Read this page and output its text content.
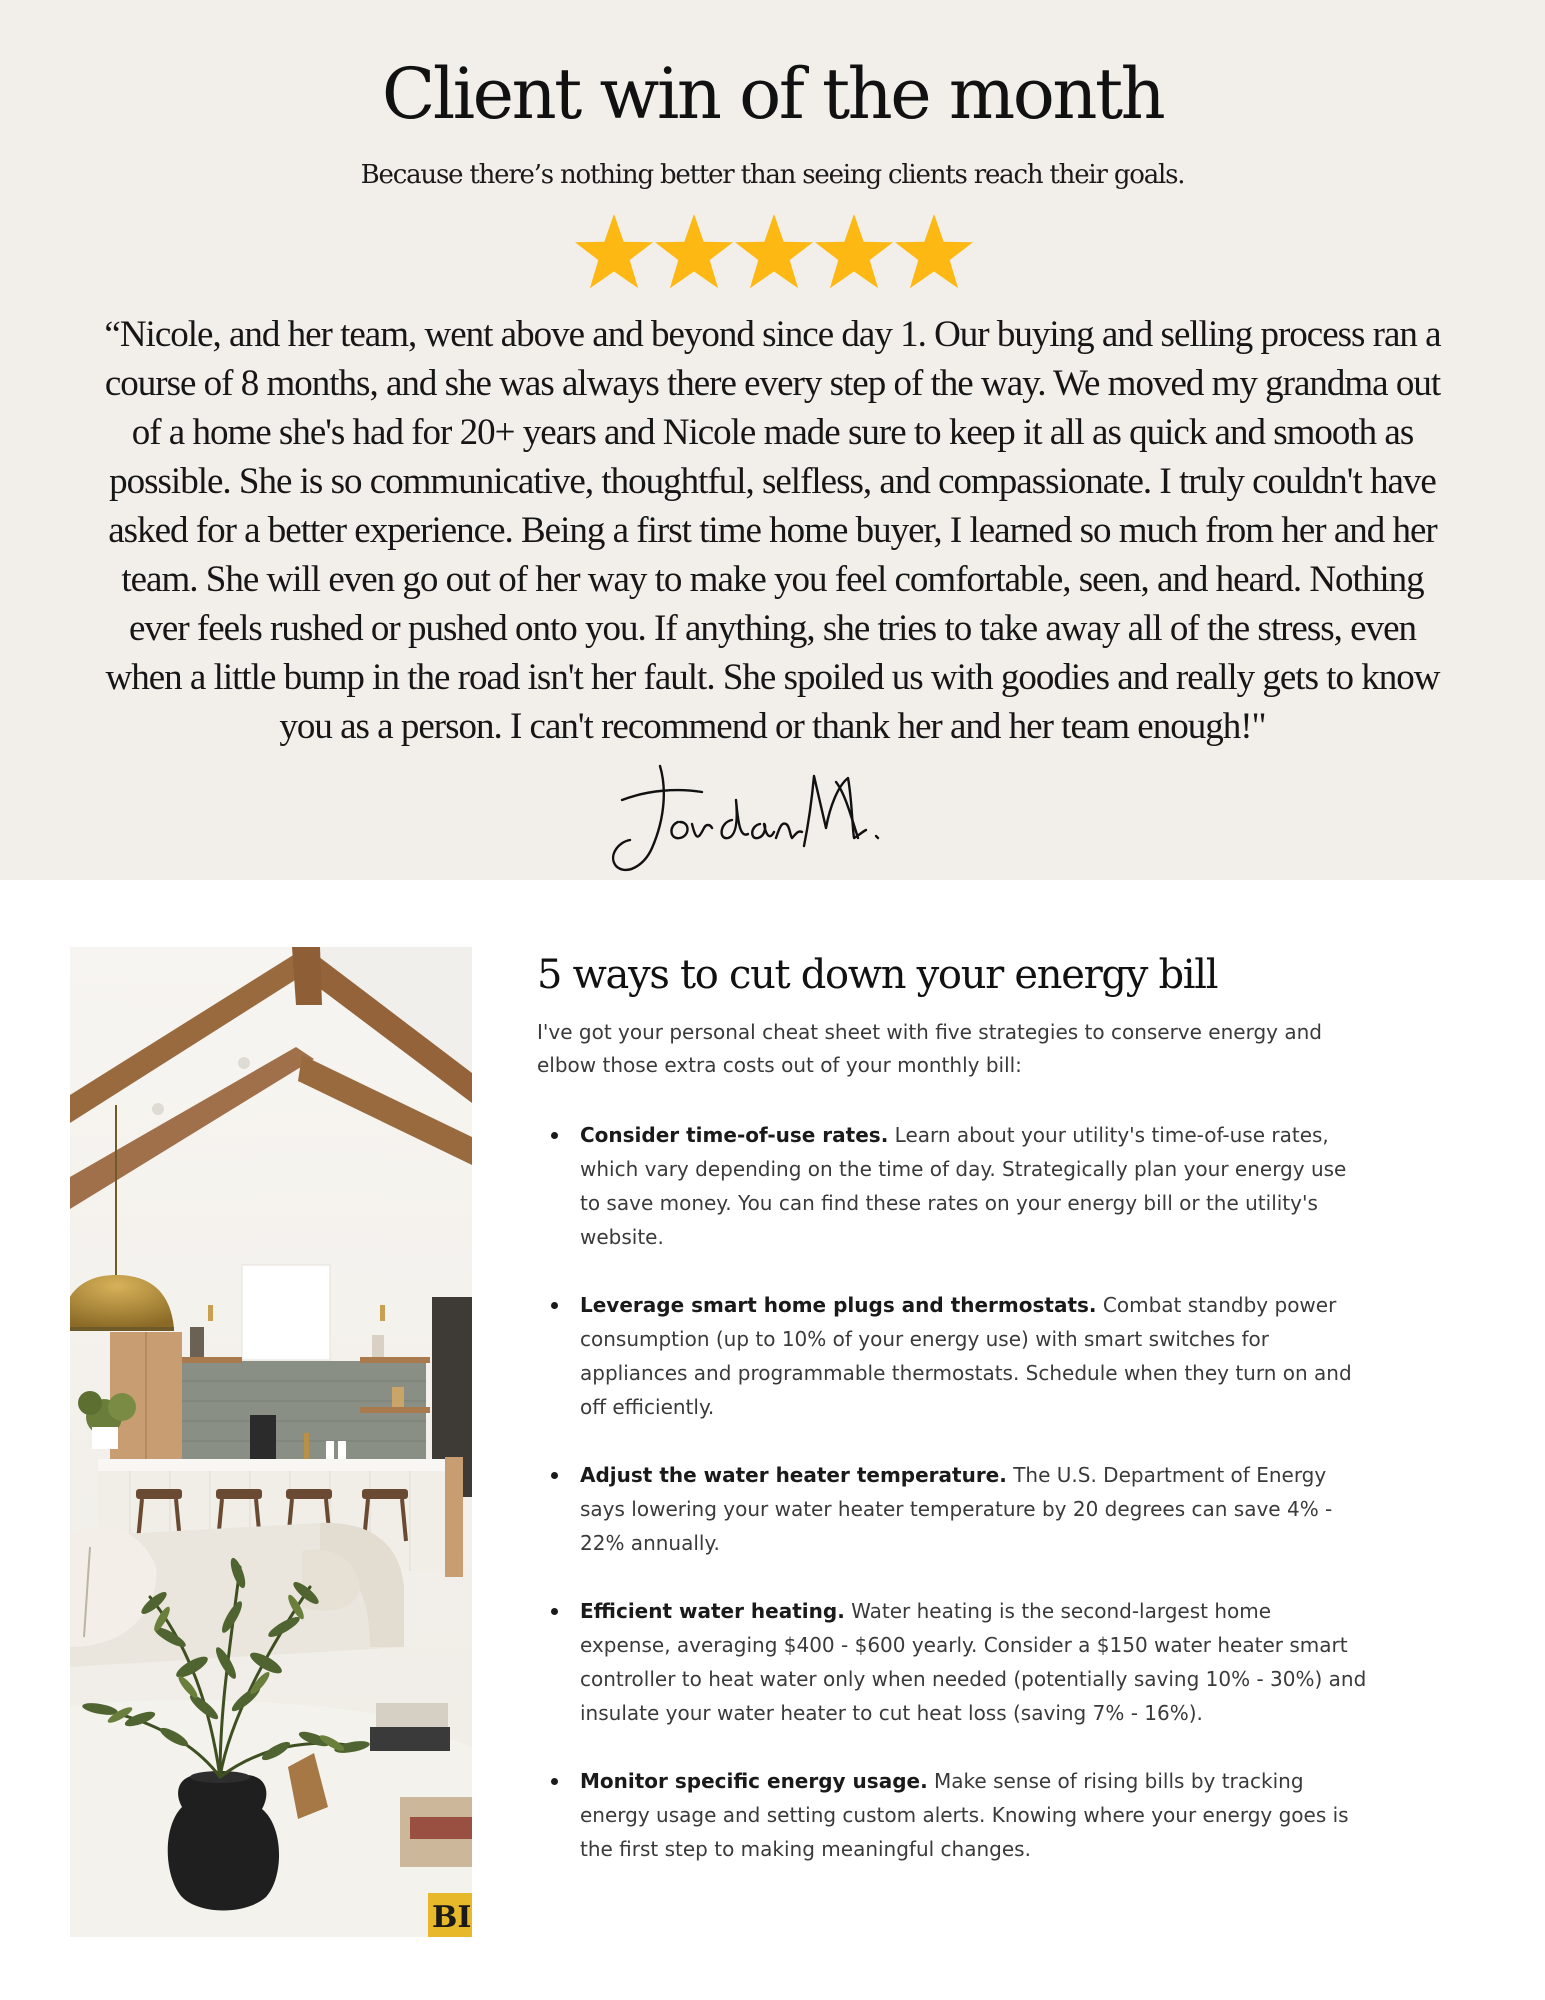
Client win of the month

Because there’s nothing better than seeing clients reach their goals.

“Nicole, and her team, went above and beyond since day 1. Our buying and selling process ran a course of 8 months, and she was always there every step of the way. We moved my grandma out of a home she's had for 20+ years and Nicole made sure to keep it all as quick and smooth as possible. She is so communicative, thoughtful, selfless, and compassionate. I truly couldn't have asked for a better experience. Being a first time home buyer, I learned so much from her and her team. She will even go out of her way to make you feel comfortable, seen, and heard. Nothing ever feels rushed or pushed onto you. If anything, she tries to take away all of the stress, even when a little bump in the road isn't her fault. She spoiled us with goodies and really gets to know you as a person. I can't recommend or thank her and her team enough!"

BI
5 ways to cut down your energy bill

I've got your personal cheat sheet with five strategies to conserve energy and elbow those extra costs out of your monthly bill:

Consider time-of-use rates. Learn about your utility's time-of-use rates, which vary depending on the time of day. Strategically plan your energy use to save money. You can find these rates on your energy bill or the utility's website.
Leverage smart home plugs and thermostats. Combat standby power consumption (up to 10% of your energy use) with smart switches for appliances and programmable thermostats. Schedule when they turn on and off efficiently.
Adjust the water heater temperature. The U.S. Department of Energy says lowering your water heater temperature by 20 degrees can save 4% - 22% annually.
Efficient water heating. Water heating is the second-largest home expense, averaging $400 - $600 yearly. Consider a $150 water heater smart controller to heat water only when needed (potentially saving 10% - 30%) and insulate your water heater to cut heat loss (saving 7% - 16%).
Monitor specific energy usage. Make sense of rising bills by tracking energy usage and setting custom alerts. Knowing where your energy goes is the first step to making meaningful changes.
